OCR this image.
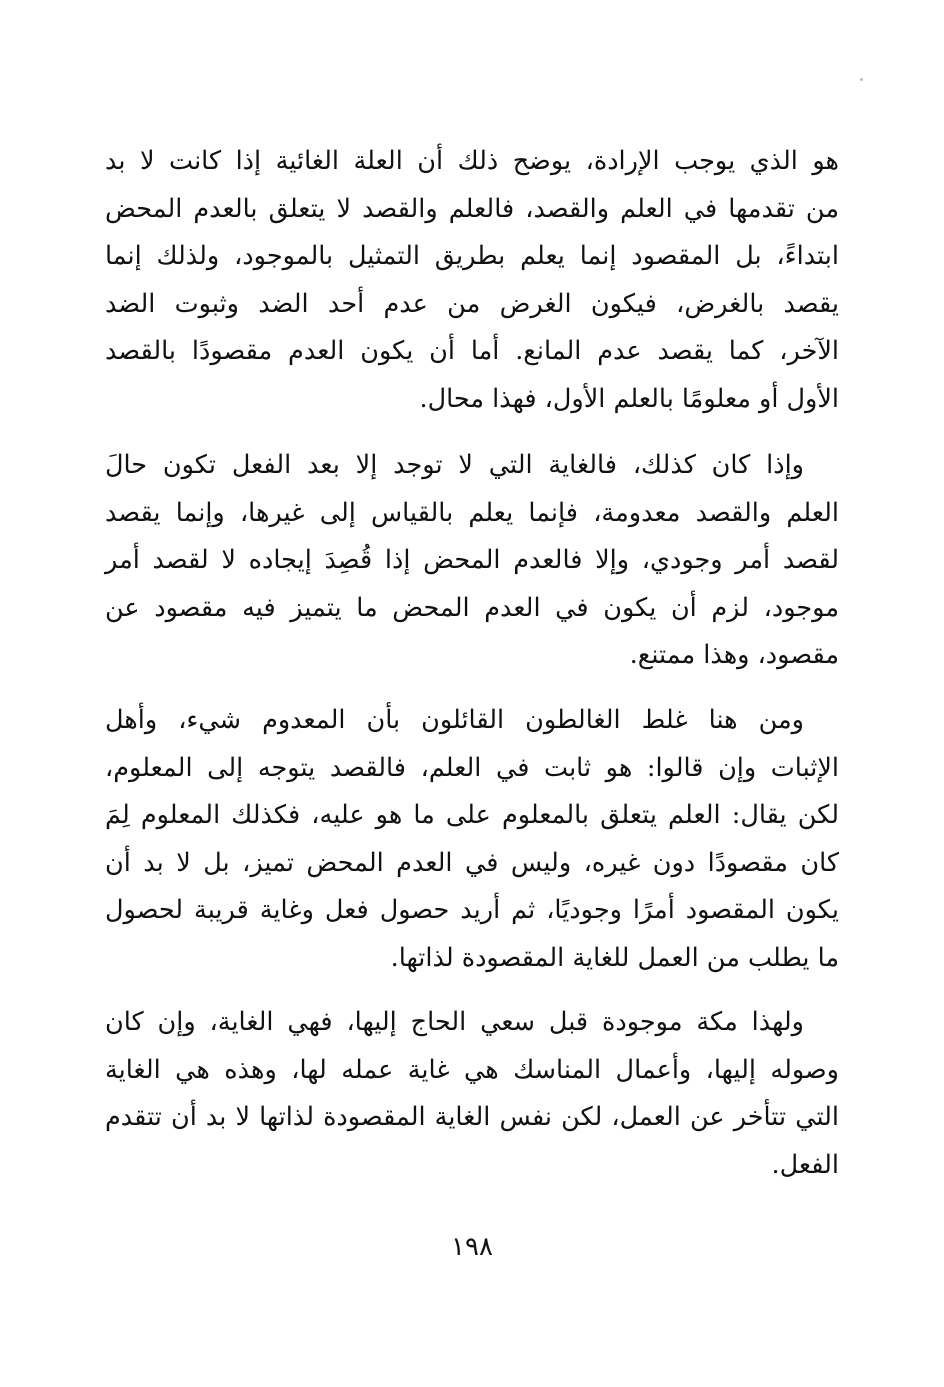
هو الذي يوجب الإرادة، يوضح ذلك أن العلة الغائية إذا كانت لا بد
من تقدمها في العلم والقصد، فالعلم والقصد لا يتعلق بالعدم المحض
ابتداءً، بل المقصود إنما يعلم بطريق التمثيل بالموجود، ولذلك إنما
يقصد بالغرض، فيكون الغرض من عدم أحد الضد وثبوت الضد
الآخر، كما يقصد عدم المانع. أما أن يكون العدم مقصودًا بالقصد
الأول أو معلومًا بالعلم الأول، فهذا محال.
وإذا كان كذلك، فالغاية التي لا توجد إلا بعد الفعل تكون حالَ
العلم والقصد معدومة، فإنما يعلم بالقياس إلى غيرها، وإنما يقصد
لقصد أمر وجودي، وإلا فالعدم المحض إذا قُصِدَ إيجاده لا لقصد أمر
موجود، لزم أن يكون في العدم المحض ما يتميز فيه مقصود عن
مقصود، وهذا ممتنع.
ومن هنا غلط الغالطون القائلون بأن المعدوم شيء، وأهل
الإثبات وإن قالوا: هو ثابت في العلم، فالقصد يتوجه إلى المعلوم،
لكن يقال: العلم يتعلق بالمعلوم على ما هو عليه، فكذلك المعلوم لِمَ
كان مقصودًا دون غيره، وليس في العدم المحض تميز، بل لا بد أن
يكون المقصود أمرًا وجوديًا، ثم أريد حصول فعل وغاية قريبة لحصول
ما يطلب من العمل للغاية المقصودة لذاتها.
ولهذا مكة موجودة قبل سعي الحاج إليها، فهي الغاية، وإن كان
وصوله إليها، وأعمال المناسك هي غاية عمله لها، وهذه هي الغاية
التي تتأخر عن العمل، لكن نفس الغاية المقصودة لذاتها لا بد أن تتقدم
الفعل.
١٩٨
